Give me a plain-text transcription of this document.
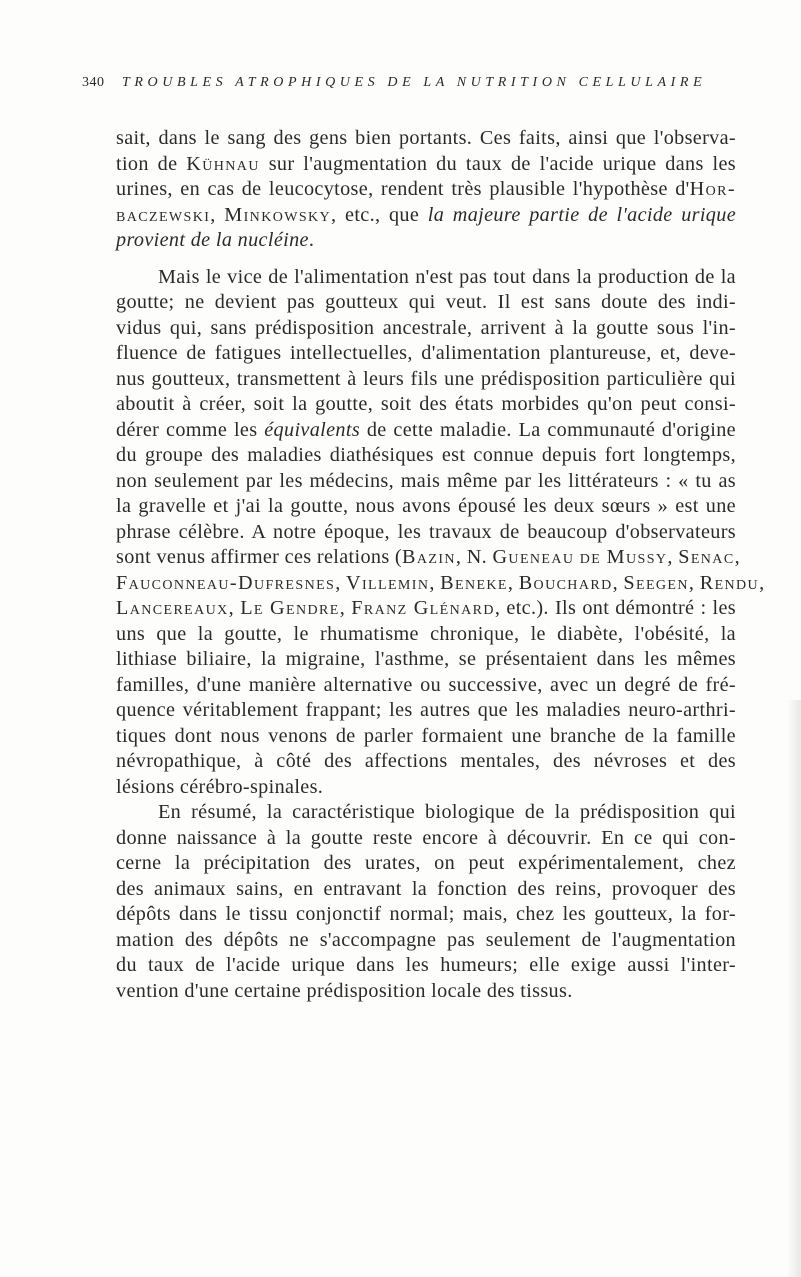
340 TROUBLES ATROPHIQUES DE LA NUTRITION CELLULAIRE
sait, dans le sang des gens bien portants. Ces faits, ainsi que l'observa-
tion de Kühnau sur l'augmentation du taux de l'acide urique dans les
urines, en cas de leucocytose, rendent très plausible l'hypothèse d'Hor-
baczewski, Minkowsky, etc., que la majeure partie de l'acide urique
provient de la nucléine.
Mais le vice de l'alimentation n'est pas tout dans la production de la
goutte; ne devient pas goutteux qui veut. Il est sans doute des indi-
vidus qui, sans prédisposition ancestrale, arrivent à la goutte sous l'in-
fluence de fatigues intellectuelles, d'alimentation plantureuse, et, deve-
nus goutteux, transmettent à leurs fils une prédisposition particulière qui
aboutit à créer, soit la goutte, soit des états morbides qu'on peut consi-
dérer comme les équivalents de cette maladie. La communauté d'origine
du groupe des maladies diathésiques est connue depuis fort longtemps,
non seulement par les médecins, mais même par les littérateurs : « tu as
la gravelle et j'ai la goutte, nous avons épousé les deux sœurs » est une
phrase célèbre. A notre époque, les travaux de beaucoup d'observateurs
sont venus affirmer ces relations (Bazin, N. Gueneau de Mussy, Senac,
Fauconneau-Dufresnes, Villemin, Beneke, Bouchard, Seegen, Rendu,
Lancereaux, Le Gendre, Franz Glénard, etc.). Ils ont démontré : les
uns que la goutte, le rhumatisme chronique, le diabète, l'obésité, la
lithiase biliaire, la migraine, l'asthme, se présentaient dans les mêmes
familles, d'une manière alternative ou successive, avec un degré de fré-
quence véritablement frappant; les autres que les maladies neuro-arthri-
tiques dont nous venons de parler formaient une branche de la famille
névropathique, à côté des affections mentales, des névroses et des
lésions cérébro-spinales.
En résumé, la caractéristique biologique de la prédisposition qui
donne naissance à la goutte reste encore à découvrir. En ce qui con-
cerne la précipitation des urates, on peut expérimentalement, chez
des animaux sains, en entravant la fonction des reins, provoquer des
dépôts dans le tissu conjonctif normal; mais, chez les goutteux, la for-
mation des dépôts ne s'accompagne pas seulement de l'augmentation
du taux de l'acide urique dans les humeurs; elle exige aussi l'inter-
vention d'une certaine prédisposition locale des tissus.
